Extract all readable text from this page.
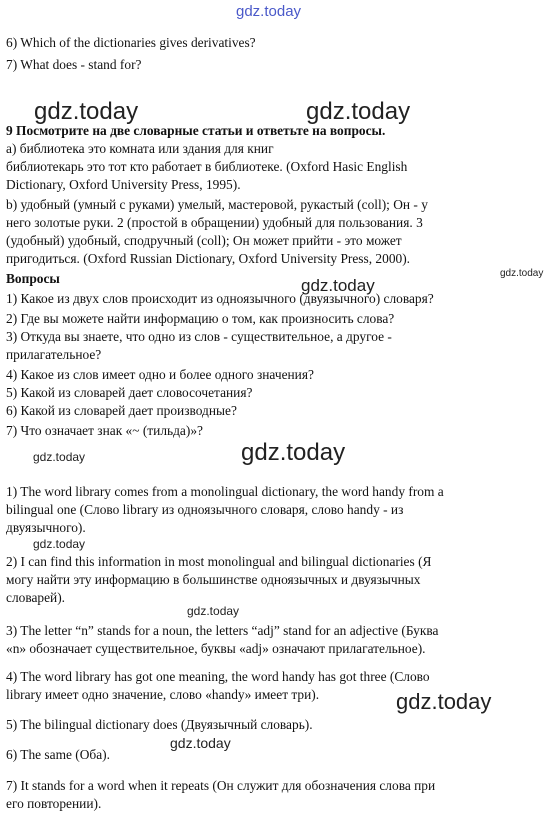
gdz.today
gdz.today	gdz.today
gdz.today
gdz.today
gdz.today	gdz.today
gdz.today
gdz.today
gdz.today
gdz.today
6) Which of the dictionaries gives derivatives?
7) What does - stand for?
9 Посмотрите на две словарные статьи и ответьте на вопросы.
a) библиотека это комната или здания для книг
библиотекарь это тот кто работает в библиотеке. (Oxford Hasic English
Dictionary, Oxford University Press, 1995).
b) удобный (умный с руками) умелый, мастеровой, рукастый (coll); Он - у
него золотые руки. 2 (простой в обращении) удобный для пользования. 3
(удобный) удобный, сподручный (coll); Он может прийти - это может
пригодиться. (Oxford Russian Dictionary, Oxford University Press, 2000).
Вопросы
1) Какое из двух слов происходит из одноязычного (двуязычного) словаря?
2) Где вы можете найти информацию о том, как произносить слова?
3) Откуда вы знаете, что одно из слов - существительное, а другое -
прилагательное?
4) Какое из слов имеет одно и более одного значения?
5) Какой из словарей дает словосочетания?
6) Какой из словарей дает производные?
7) Что означает знак «~ (тильда)»?
1) The word library comes from a monolingual dictionary, the word handy from a
bilingual one (Слово library из одноязычного словаря, слово handy - из
двуязычного).
2) I can find this information in most monolingual and bilingual dictionaries (Я
могу найти эту информацию в большинстве одноязычных и двуязычных
словарей).
3) The letter “n” stands for a noun, the letters “adj” stand for an adjective (Буква
«n» обозначает существительное, буквы «adj» означают прилагательное).
4) The word library has got one meaning, the word handy has got three (Слово
library имеет одно значение, слово «handy» имеет три).
5) The bilingual dictionary does (Двуязычный словарь).
6) The same (Оба).
7) It stands for a word when it repeats (Он служит для обозначения слова при
его повторении).
